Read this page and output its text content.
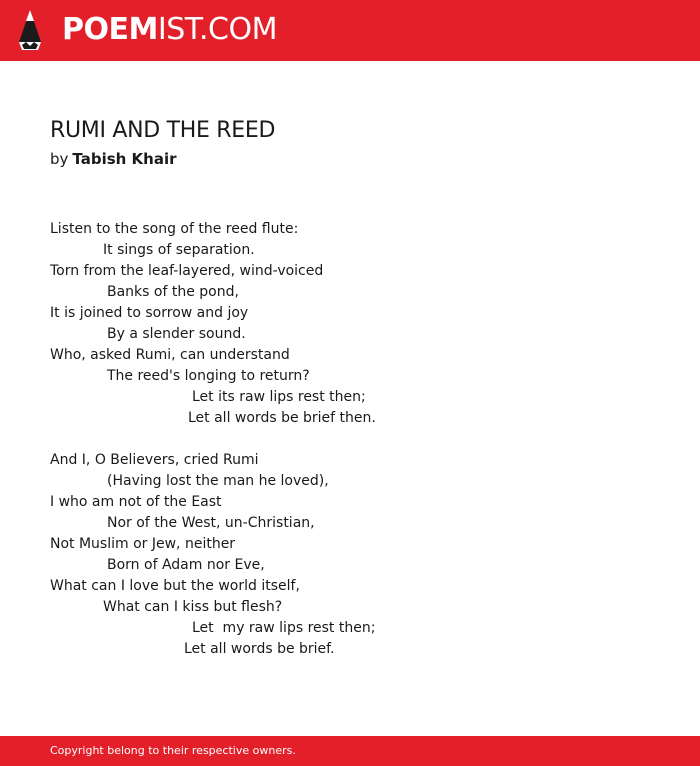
POEMIST.COM
RUMI AND THE REED
by Tabish Khair
Listen to the song of the reed flute:
It sings of separation.
Torn from the leaf-layered, wind-voiced
Banks of the pond,
It is joined to sorrow and joy
By a slender sound.
Who, asked Rumi, can understand
The reed's longing to return?
Let its raw lips rest then;
Let all words be brief then.
And I, O Believers, cried Rumi
(Having lost the man he loved),
I who am not of the East
Nor of the West, un-Christian,
Not Muslim or Jew, neither
Born of Adam nor Eve,
What can I love but the world itself,
What can I kiss but flesh?
Let  my raw lips rest then;
Let all words be brief.
Copyright belong to their respective owners.
